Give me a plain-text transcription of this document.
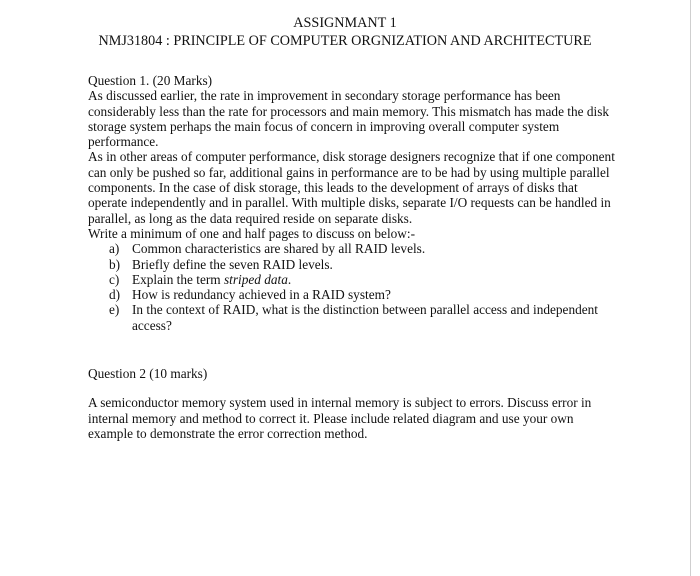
ASSIGNMANT 1
NMJ31804 : PRINCIPLE OF COMPUTER ORGNIZATION AND ARCHITECTURE

Question 1. (20 Marks)

As discussed earlier, the rate in improvement in secondary storage performance has been considerably less than the rate for processors and main memory. This mismatch has made the disk storage system perhaps the main focus of concern in improving overall computer system performance.

As in other areas of computer performance, disk storage designers recognize that if one component can only be pushed so far, additional gains in performance are to be had by using multiple parallel components. In the case of disk storage, this leads to the development of arrays of disks that operate independently and in parallel. With multiple disks, separate I/O requests can be handled in parallel, as long as the data required reside on separate disks.

Write a minimum of one and half pages to discuss on below:-

a) Common characteristics are shared by all RAID levels.
b) Briefly define the seven RAID levels.
c) Explain the term striped data.
d) How is redundancy achieved in a RAID system?
e) In the context of RAID, what is the distinction between parallel access and independent access?

Question 2 (10 marks)

A semiconductor memory system used in internal memory is subject to errors. Discuss error in internal memory and method to correct it. Please include related diagram and use your own example to demonstrate the error correction method.
